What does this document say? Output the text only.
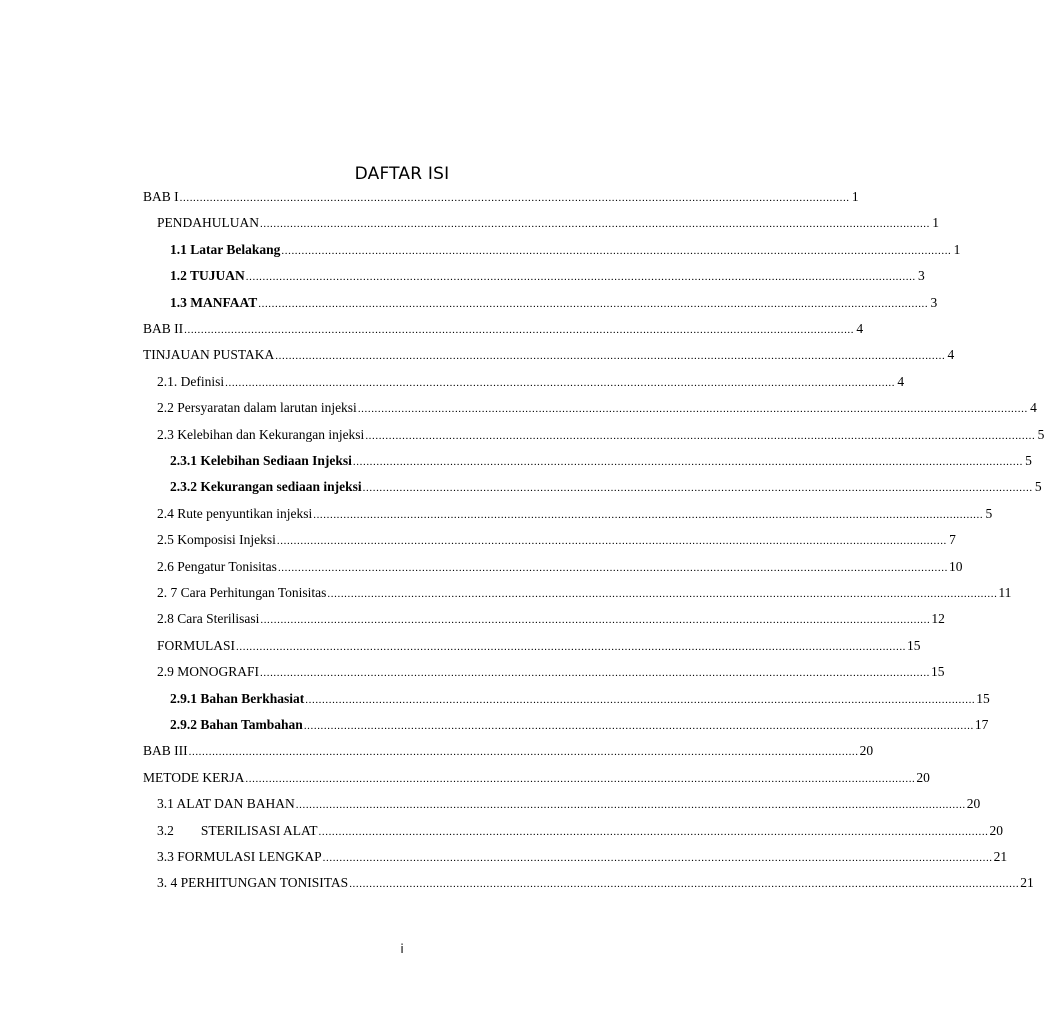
DAFTAR ISI
BAB I ........................................................................................................................................................................................................ 1
PENDAHULUAN ........................................................................................................................................................................................................ 1
1.1 Latar Belakang ........................................................................................................................................................................................................ 1
1.2 TUJUAN ........................................................................................................................................................................................................ 3
1.3 MANFAAT ........................................................................................................................................................................................................ 3
BAB II ........................................................................................................................................................................................................ 4
TINJAUAN PUSTAKA ........................................................................................................................................................................................................ 4
2.1. Definisi ........................................................................................................................................................................................................ 4
2.2 Persyaratan dalam larutan injeksi ........................................................................................................................................................................................................ 4
2.3 Kelebihan dan Kekurangan injeksi ........................................................................................................................................................................................................ 5
2.3.1 Kelebihan Sediaan Injeksi ........................................................................................................................................................................................................ 5
2.3.2 Kekurangan sediaan injeksi ........................................................................................................................................................................................................ 5
2.4 Rute penyuntikan injeksi ........................................................................................................................................................................................................ 5
2.5 Komposisi Injeksi ........................................................................................................................................................................................................ 7
2.6 Pengatur Tonisitas ........................................................................................................................................................................................................ 10
2. 7 Cara Perhitungan Tonisitas ........................................................................................................................................................................................................ 11
2.8 Cara Sterilisasi ........................................................................................................................................................................................................ 12
FORMULASI ........................................................................................................................................................................................................ 15
2.9 MONOGRAFI ........................................................................................................................................................................................................ 15
2.9.1 Bahan Berkhasiat ........................................................................................................................................................................................................ 15
2.9.2 Bahan Tambahan ........................................................................................................................................................................................................ 17
BAB III ........................................................................................................................................................................................................ 20
METODE KERJA ........................................................................................................................................................................................................ 20
3.1 ALAT DAN BAHAN ........................................................................................................................................................................................................ 20
3.2        STERILISASI ALAT ........................................................................................................................................................................................................ 20
3.3 FORMULASI LENGKAP ........................................................................................................................................................................................................ 21
3. 4 PERHITUNGAN TONISITAS ........................................................................................................................................................................................................ 21
i
